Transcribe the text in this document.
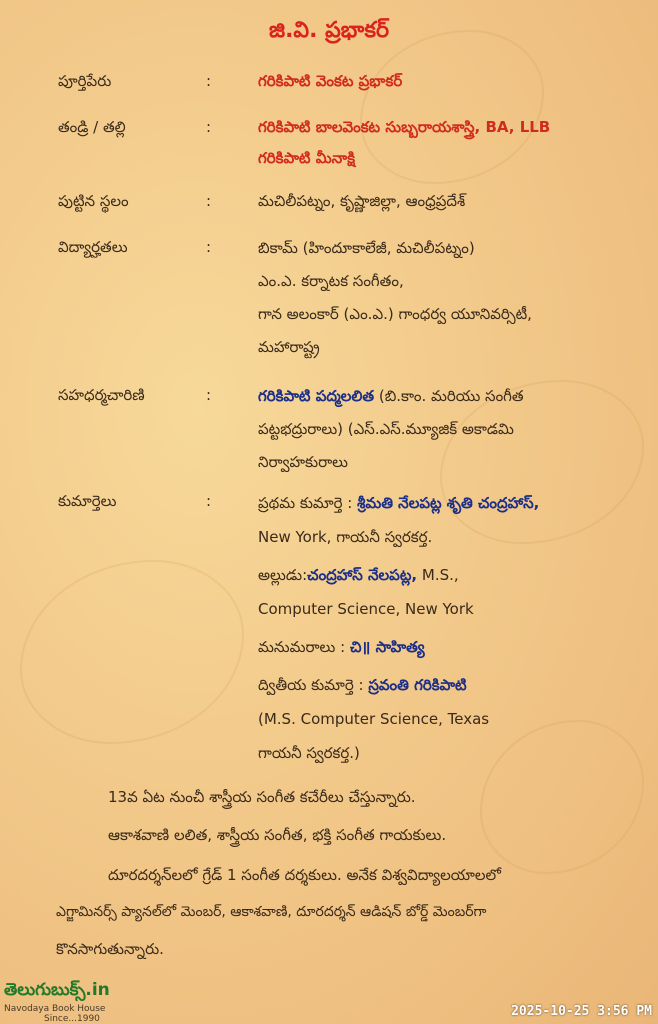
జి.వి. ప్రభాకర్
పూర్తిపేరు	:	గరికిపాటి వెంకట ప్రభాకర్
తండ్రి / తల్లి	:	గరికిపాటి బాలవెంకట సుబ్బరాయశాస్త్రి, BA, LLB
గరికిపాటి మీనాక్షి
పుట్టిన స్థలం	:	మచిలీపట్నం, కృష్ణాజిల్లా, ఆంధ్రప్రదేశ్
విద్యార్హతలు	:	బికామ్ (హిందూకాలేజీ, మచిలీపట్నం)
ఎం.ఎ. కర్నాటక సంగీతం,
గాన అలంకార్ (ఎం.ఎ.) గాంధర్వ యూనివర్సిటీ,
మహారాష్ట్ర
సహధర్మచారిణి	:	గరికిపాటి పద్మలలిత (బి.కాం. మరియు సంగీత
పట్టభద్రురాలు) (ఎస్.ఎస్.మ్యూజిక్ అకాడమి
నిర్వాహకురాలు
కుమార్తెలు	:	ప్రథమ కుమార్తె : శ్రీమతి నేలపట్ల శృతి చంద్రహాస్,
New York, గాయనీ స్వరకర్త.
అల్లుడు:చంద్రహాస్ నేలపట్ల, M.S.,
Computer Science, New York
మనుమరాలు : చి॥ సాహిత్య
ద్వితీయ కుమార్తె : స్రవంతి గరికిపాటి
(M.S. Computer Science, Texas
గాయనీ స్వరకర్త.)
13వ ఏట నుంచీ శాస్త్రీయ సంగీత కచేరీలు చేస్తున్నారు.
ఆకాశవాణి లలిత, శాస్త్రీయ సంగీత, భక్తి సంగీత గాయకులు.
దూరదర్శన్‌లలో గ్రేడ్ 1 సంగీత దర్శకులు. అనేక విశ్వవిద్యాలయాలలో
ఎగ్జామినర్స్ ప్యానల్‌లో మెంబర్, ఆకాశవాణి, దూరదర్శన్ ఆడిషన్ బోర్డ్ మెంబర్‌గా
కొనసాగుతున్నారు.
తెలుగుబుక్స్.in
Navodaya Book House
Since...1990	2025-10-25 3:56 PM
